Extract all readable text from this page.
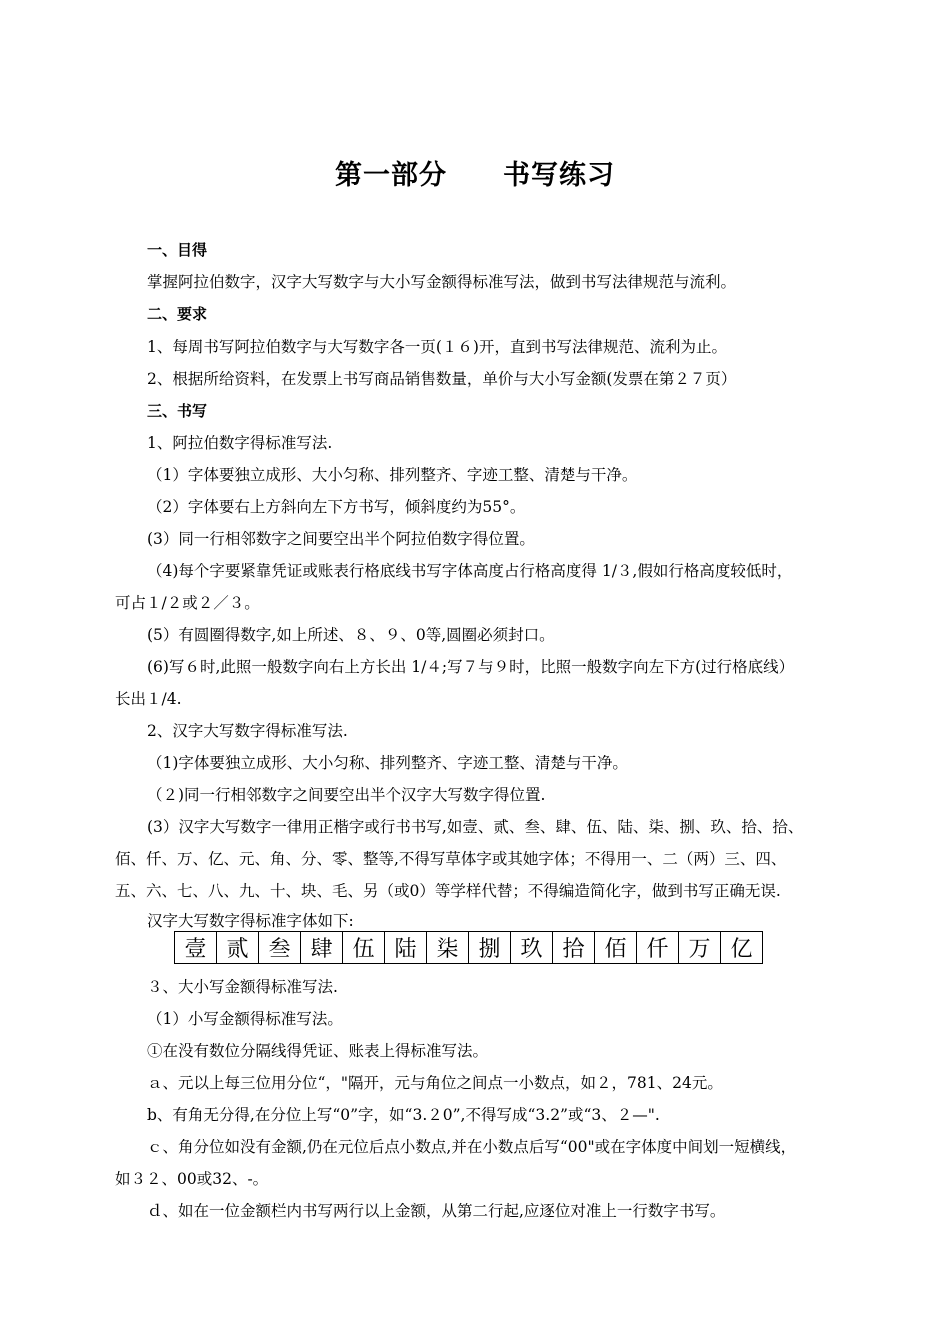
第一部分　　书写练习
一、目得
掌握阿拉伯数字，汉字大写数字与大小写金额得标准写法，做到书写法律规范与流利。
二、要求
1、每周书写阿拉伯数字与大写数字各一页(１６)开，直到书写法律规范、流利为止。
2、根据所给资料，在发票上书写商品销售数量，单价与大小写金额(发票在第２７页）
三、书写
1、阿拉伯数字得标准写法.
（1）字体要独立成形、大小匀称、排列整齐、字迹工整、清楚与干净。
（2）字体要右上方斜向左下方书写，倾斜度约为55°。
(3）同一行相邻数字之间要空出半个阿拉伯数字得位置。
（4)每个字要紧靠凭证或账表行格底线书写字体高度占行格高度得 1/３,假如行格高度较低时，
可占１/２或２／３。
(5）有圆圈得数字,如上所述、８、９、0等,圆圈必须封口。
(6)写６时,此照一般数字向右上方长出 1/４;写７与９时，比照一般数字向左下方(过行格底线）
长出１/4.
2、汉字大写数字得标准写法.
（1)字体要独立成形、大小匀称、排列整齐、字迹工整、清楚与干净。
（２)同一行相邻数字之间要空出半个汉字大写数字得位置.
(3）汉字大写数字一律用正楷字或行书书写,如壹、贰、叁、肆、伍、陆、柒、捌、玖、拾、拾、
佰、仟、万、亿、元、角、分、零、整等,不得写草体字或其她字体；不得用一、二（两）三、四、
五、六、七、八、九、十、块、毛、另（或0）等学样代替；不得编造简化字，做到书写正确无误.
汉字大写数字得标准字体如下:
壹	贰	叁	肆	伍	陆	柒	捌	玖	拾	佰	仟	万	亿
３、大小写金额得标准写法.
（1）小写金额得标准写法。
①在没有数位分隔线得凭证、账表上得标准写法。
ａ、元以上每三位用分位“，"隔开，元与角位之间点一小数点，如２，781、24元。
b、有角无分得,在分位上写“0”字，如“3.２0”,不得写成“3.2”或“3、２—".
ｃ、角分位如没有金额,仍在元位后点小数点,并在小数点后写“00"或在字体度中间划一短横线，
如３２、00或32、-。
ｄ、如在一位金额栏内书写两行以上金额，从第二行起,应逐位对准上一行数字书写。
